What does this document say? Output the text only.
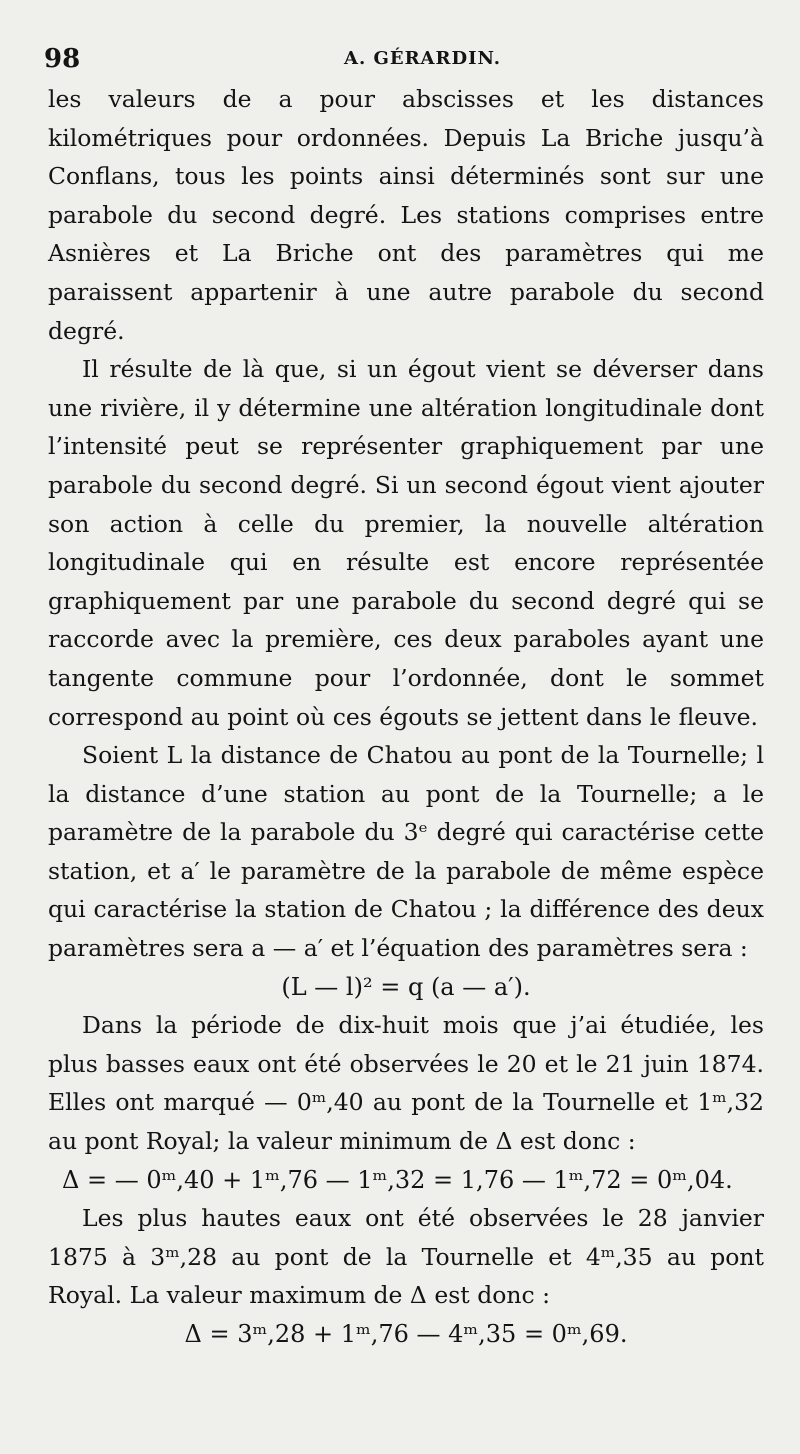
98	A. GÉRARDIN.

les valeurs de a pour abscisses et les distances kilométriques pour ordonnées. Depuis La Briche jusqu’à Conflans, tous les points ainsi déterminés sont sur une parabole du second degré. Les stations comprises entre Asnières et La Briche ont des paramètres qui me paraissent appartenir à une autre parabole du second degré.

Il résulte de là que, si un égout vient se déverser dans une rivière, il y détermine une altération longitudinale dont l’intensité peut se représenter graphiquement par une parabole du second degré. Si un second égout vient ajouter son action à celle du premier, la nouvelle altération longitudinale qui en résulte est encore représentée graphiquement par une parabole du second degré qui se raccorde avec la première, ces deux paraboles ayant une tangente commune pour l’ordonnée, dont le sommet correspond au point où ces égouts se jettent dans le fleuve.

Soient L la distance de Chatou au pont de la Tournelle; l la distance d’une station au pont de la Tournelle; a le paramètre de la parabole du 3ᵉ degré qui caractérise cette station, et a′ le paramètre de la parabole de même espèce qui caractérise la station de Chatou ; la différence des deux paramètres sera a — a′ et l’équation des paramètres sera :

(L — l)² = q (a — a′).

Dans la période de dix-huit mois que j’ai étudiée, les plus basses eaux ont été observées le 20 et le 21 juin 1874. Elles ont marqué — 0ᵐ,40 au pont de la Tournelle et 1ᵐ,32 au pont Royal; la valeur minimum de Δ est donc :

Δ = — 0ᵐ,40 + 1ᵐ,76 — 1ᵐ,32 = 1,76 — 1ᵐ,72 = 0ᵐ,04.

Les plus hautes eaux ont été observées le 28 janvier 1875 à 3ᵐ,28 au pont de la Tournelle et 4ᵐ,35 au pont Royal. La valeur maximum de Δ est donc :

Δ = 3ᵐ,28 + 1ᵐ,76 — 4ᵐ,35 = 0ᵐ,69.
